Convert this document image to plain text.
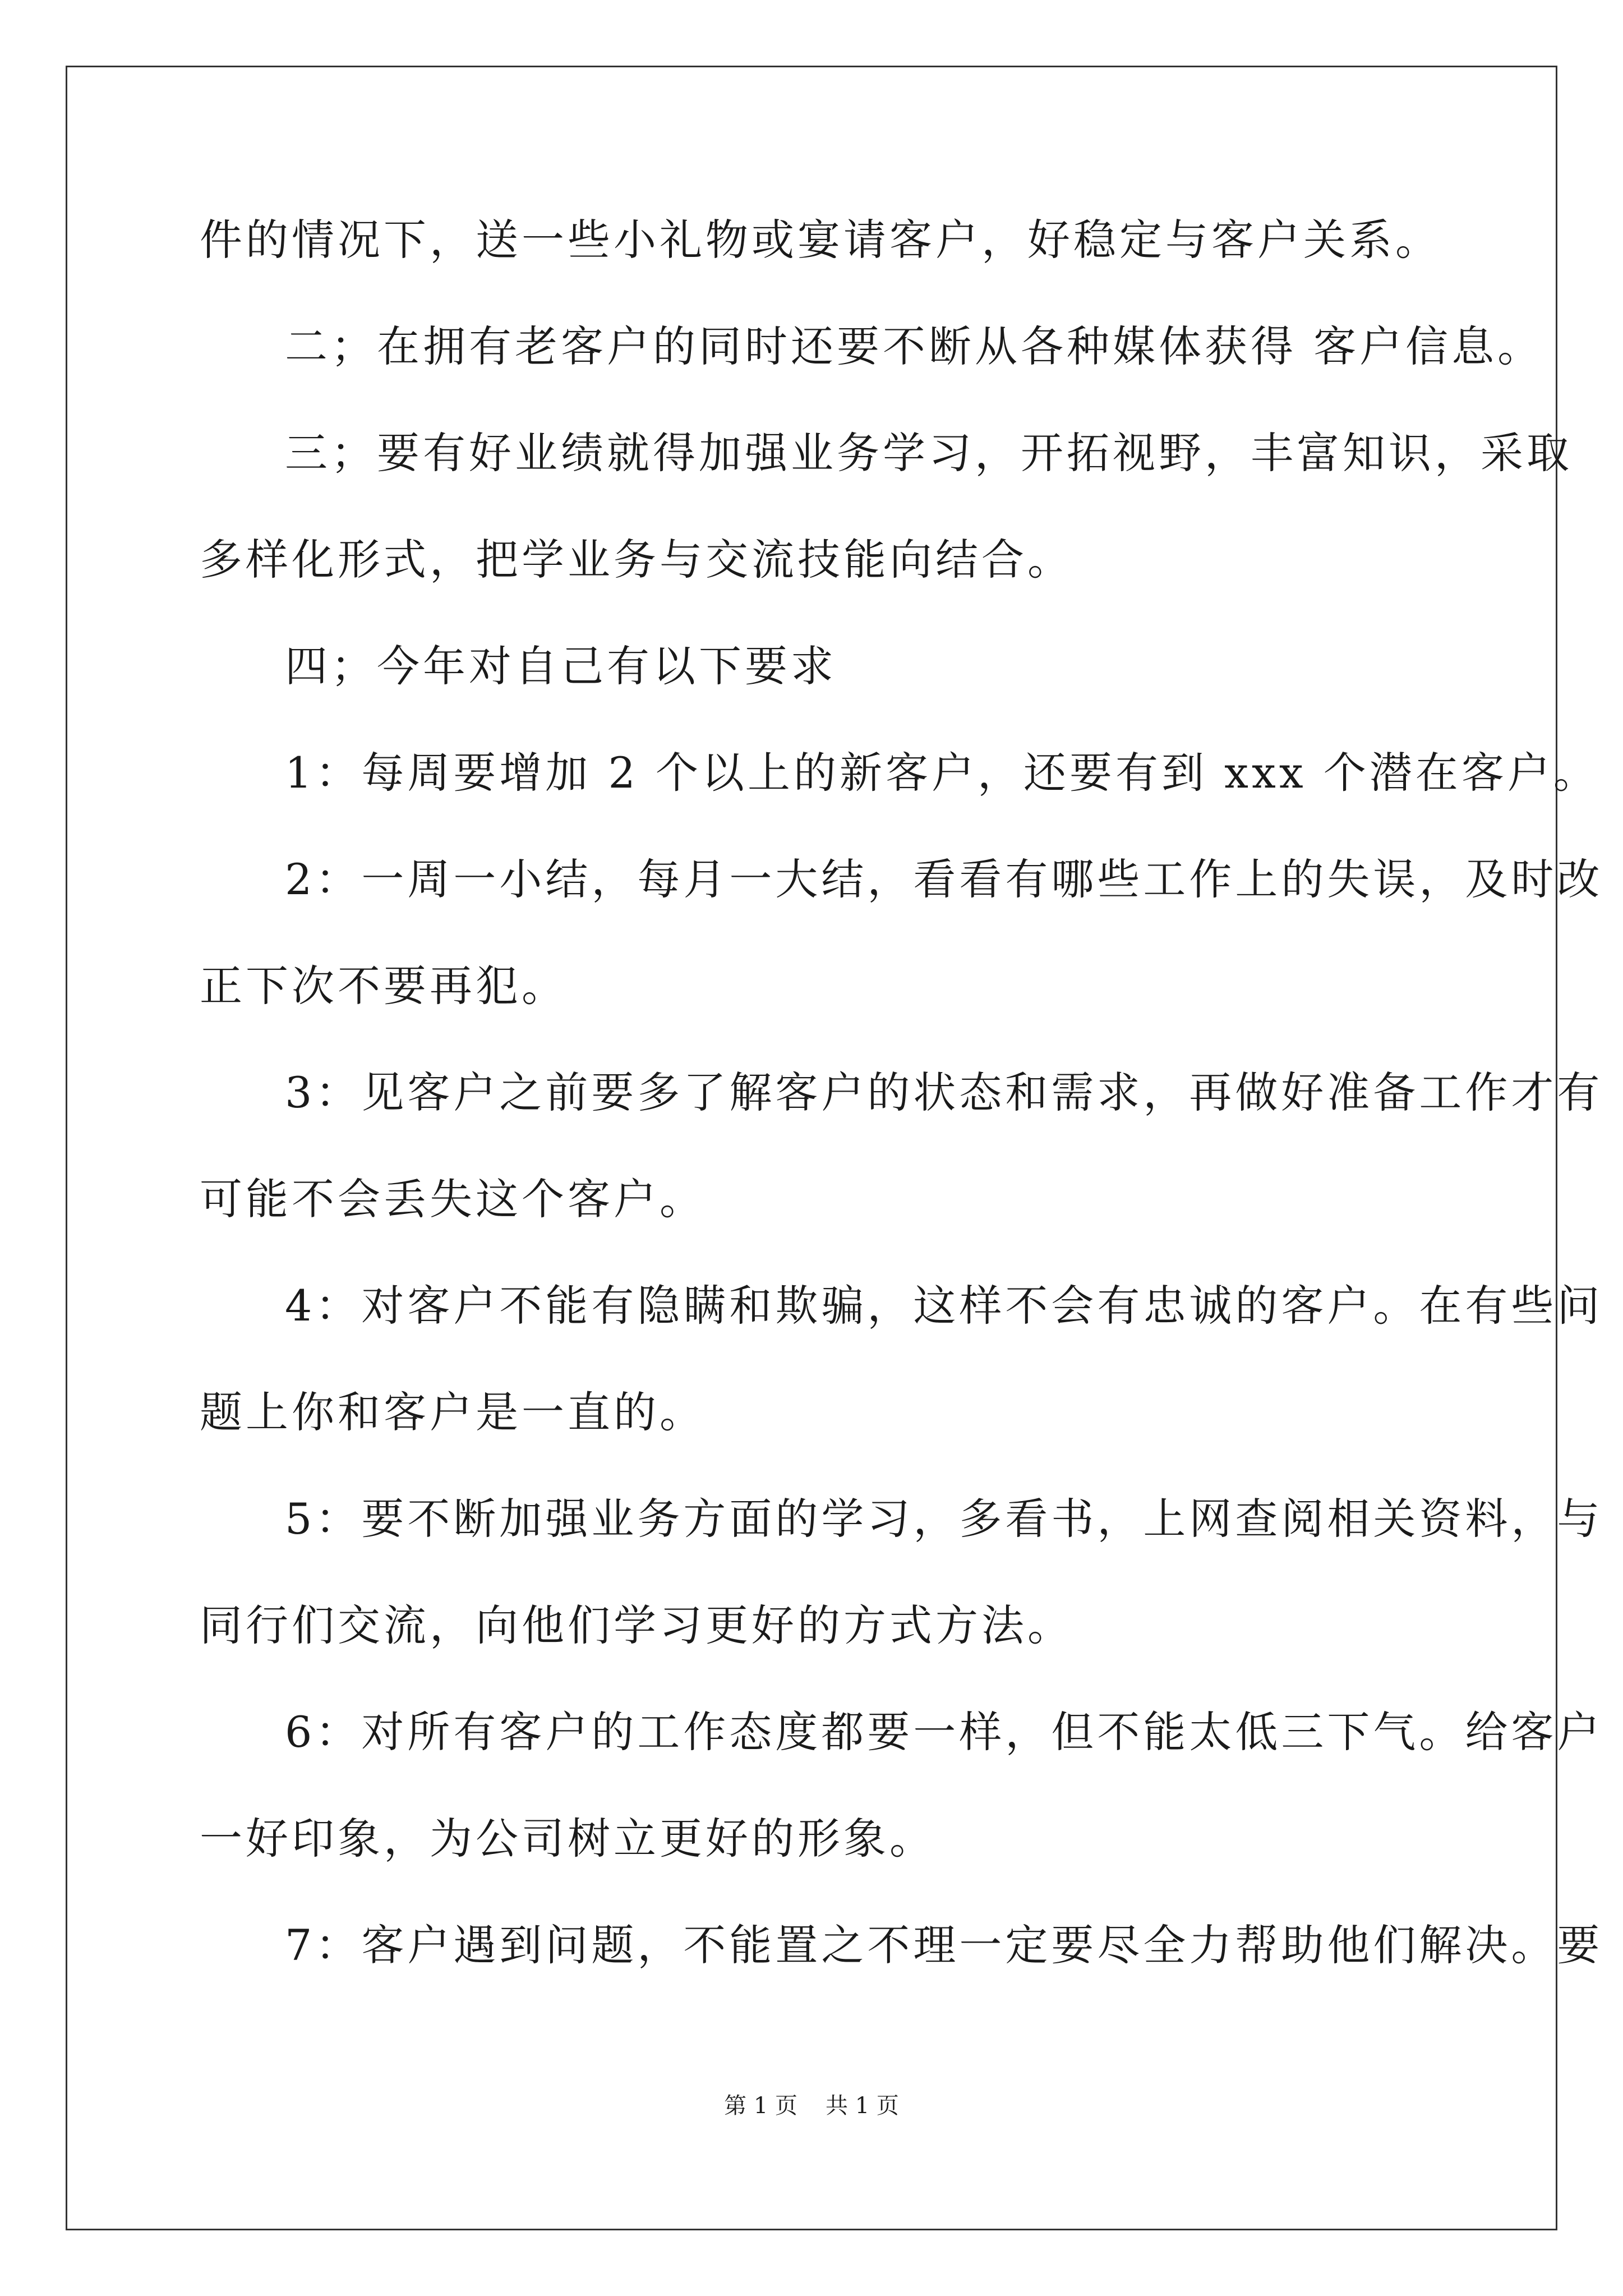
件的情况下，送一些小礼物或宴请客户，好稳定与客户关系。
二；在拥有老客户的同时还要不断从各种媒体获得 客户信息。
三；要有好业绩就得加强业务学习，开拓视野，丰富知识，采取
多样化形式，把学业务与交流技能向结合。
四；今年对自己有以下要求
1：每周要增加 2 个以上的新客户，还要有到 xxx 个潜在客户。
2：一周一小结，每月一大结，看看有哪些工作上的失误，及时改
正下次不要再犯。
3：见客户之前要多了解客户的状态和需求，再做好准备工作才有
可能不会丢失这个客户。
4：对客户不能有隐瞒和欺骗，这样不会有忠诚的客户。在有些问
题上你和客户是一直的。
5：要不断加强业务方面的学习，多看书，上网查阅相关资料，与
同行们交流，向他们学习更好的方式方法。
6：对所有客户的工作态度都要一样，但不能太低三下气。给客户
一好印象，为公司树立更好的形象。
7：客户遇到问题，不能置之不理一定要尽全力帮助他们解决。要
第 1 页 共 1 页
